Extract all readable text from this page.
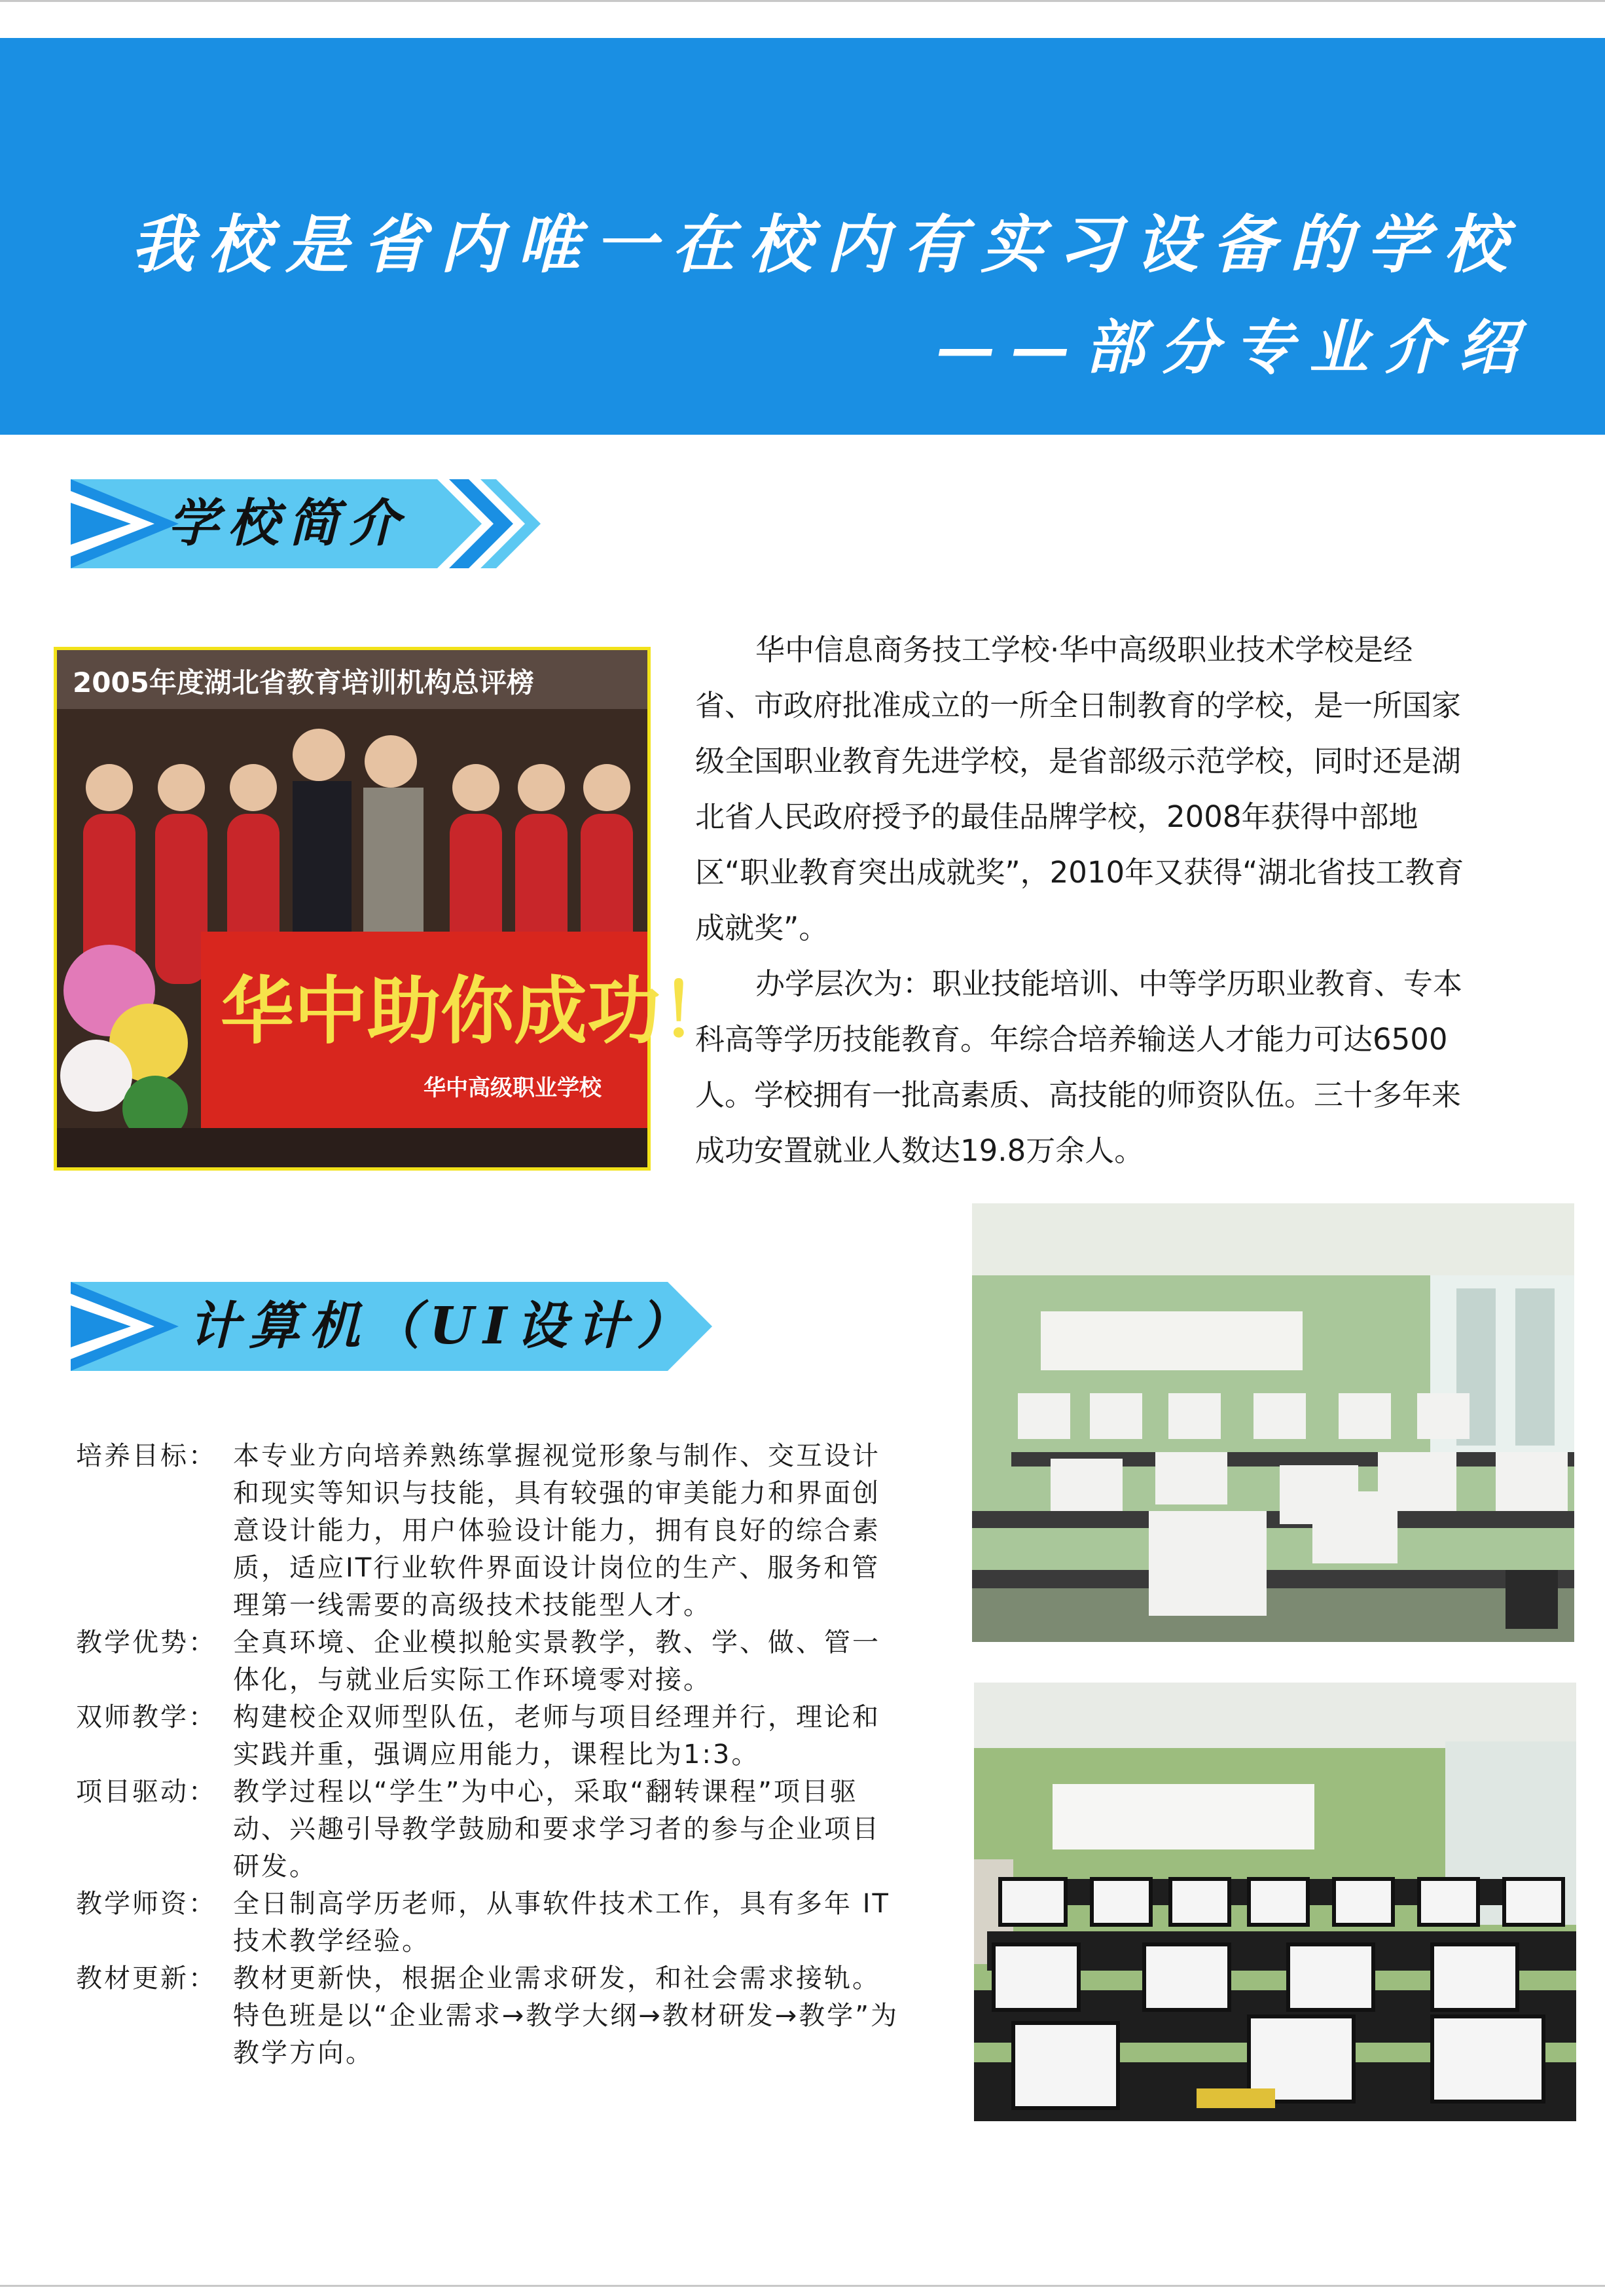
我校是省内唯一在校内有实习设备的学校
——部分专业介绍
学校简介
2005年度湖北省教育培训机构总评榜
华中助你成功！
华中高级职业学校

华中信息商务技工学校·华中高级职业技术学校是经省、市政府批准成立的一所全日制教育的学校，是一所国家级全国职业教育先进学校，是省部级示范学校，同时还是湖北省人民政府授予的最佳品牌学校，2008年获得中部地区“职业教育突出成就奖”，2010年又获得“湖北省技工教育成就奖”。

办学层次为：职业技能培训、中等学历职业教育、专本科高等学历技能教育。年综合培养输送人才能力可达6500人。学校拥有一批高素质、高技能的师资队伍。三十多年来成功安置就业人数达19.8万余人。

计算机（UI设计）
培养目标： 本专业方向培养熟练掌握视觉形象与制作、交互设计和现实等知识与技能，具有较强的审美能力和界面创意设计能力，用户体验设计能力，拥有良好的综合素质，适应IT行业软件界面设计岗位的生产、服务和管理第一线需要的高级技术技能型人才。
教学优势： 全真环境、企业模拟舱实景教学，教、学、做、管一体化，与就业后实际工作环境零对接。
双师教学： 构建校企双师型队伍，老师与项目经理并行，理论和实践并重，强调应用能力，课程比为1:3。
项目驱动： 教学过程以“学生”为中心，采取“翻转课程”项目驱动、兴趣引导教学鼓励和要求学习者的参与企业项目研发。
教学师资： 全日制高学历老师，从事软件技术工作，具有多年 IT技术教学经验。
教材更新： 教材更新快，根据企业需求研发，和社会需求接轨。特色班是以“企业需求→教学大纲→教材研发→教学”为教学方向。
